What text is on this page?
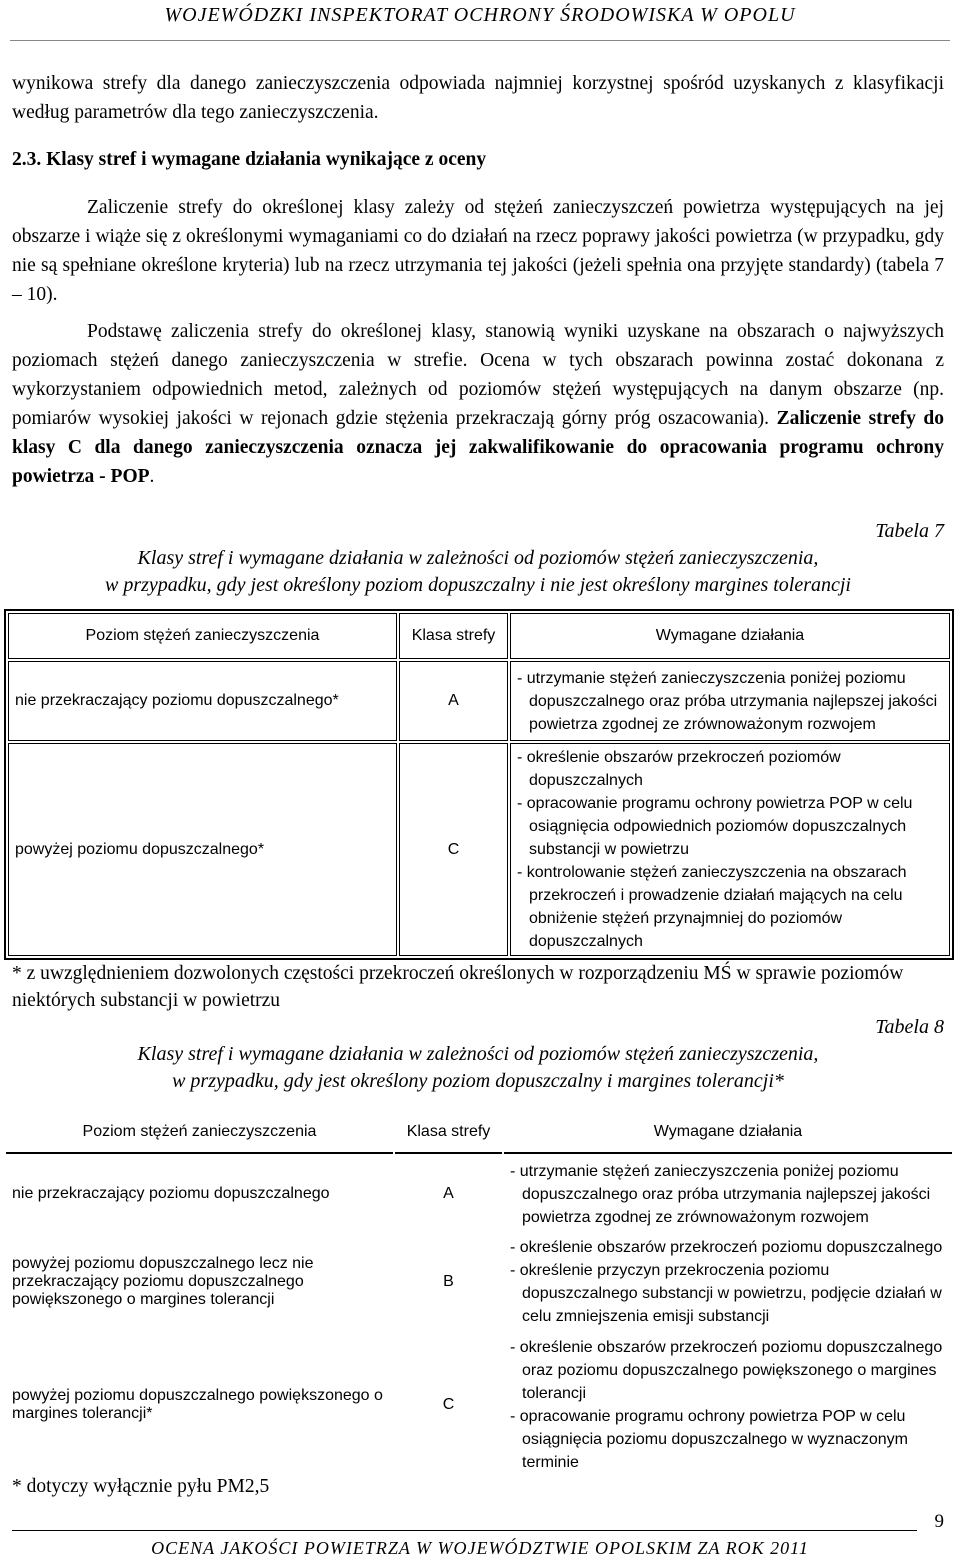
WOJEWÓDZKI INSPEKTORAT OCHRONY ŚRODOWISKA W OPOLU
wynikowa strefy dla danego zanieczyszczenia odpowiada najmniej korzystnej spośród uzyskanych z klasyfikacji według parametrów dla tego zanieczyszczenia.
2.3. Klasy stref i wymagane działania wynikające z oceny
Zaliczenie strefy do określonej klasy zależy od stężeń zanieczyszczeń powietrza występujących na jej obszarze i wiąże się z określonymi wymaganiami co do działań na rzecz poprawy jakości powietrza (w przypadku, gdy nie są spełniane określone kryteria) lub na rzecz utrzymania tej jakości (jeżeli spełnia ona przyjęte standardy) (tabela 7 – 10).
Podstawę zaliczenia strefy do określonej klasy, stanowią wyniki uzyskane na obszarach o najwyższych poziomach stężeń danego zanieczyszczenia w strefie. Ocena w tych obszarach powinna zostać dokonana z wykorzystaniem odpowiednich metod, zależnych od poziomów stężeń występujących na danym obszarze (np. pomiarów wysokiej jakości w rejonach gdzie stężenia przekraczają górny próg oszacowania). Zaliczenie strefy do klasy C dla danego zanieczyszczenia oznacza jej zakwalifikowanie do opracowania programu ochrony powietrza - POP.
Tabela 7
Klasy stref i wymagane działania w zależności od poziomów stężeń zanieczyszczenia,
w przypadku, gdy jest określony poziom dopuszczalny i nie jest określony margines tolerancji
Poziom stężeń zanieczyszczenia	Klasa strefy	Wymagane działania
nie przekraczający poziomu dopuszczalnego*	A	- utrzymanie stężeń zanieczyszczenia poniżej poziomu dopuszczalnego oraz próba utrzymania najlepszej jakości powietrza zgodnej ze zrównoważonym rozwojem

powyżej poziomu dopuszczalnego*	C	- określenie obszarów przekroczeń poziomów dopuszczalnych
- opracowanie programu ochrony powietrza POP w celu osiągnięcia odpowiednich poziomów dopuszczalnych substancji w powietrzu
- kontrolowanie stężeń zanieczyszczenia na obszarach przekroczeń i prowadzenie działań mających na celu obniżenie stężeń przynajmniej do poziomów dopuszczalnych
* z uwzględnieniem dozwolonych częstości przekroczeń określonych w rozporządzeniu MŚ w sprawie poziomów niektórych substancji w powietrzu
Tabela 8
Klasy stref i wymagane działania w zależności od poziomów stężeń zanieczyszczenia,
w przypadku, gdy jest określony poziom dopuszczalny i margines tolerancji*
Poziom stężeń zanieczyszczenia	Klasa strefy	Wymagane działania
nie przekraczający poziomu dopuszczalnego	A	- utrzymanie stężeń zanieczyszczenia poniżej poziomu dopuszczalnego oraz próba utrzymania najlepszej jakości powietrza zgodnej ze zrównoważonym rozwojem

powyżej poziomu dopuszczalnego lecz nie przekraczający poziomu dopuszczalnego powiększonego o margines tolerancji	B	- określenie obszarów przekroczeń poziomu dopuszczalnego
- określenie przyczyn przekroczenia poziomu dopuszczalnego substancji w powietrzu, podjęcie działań w celu zmniejszenia emisji substancji

powyżej poziomu dopuszczalnego powiększonego o margines tolerancji*	C	- określenie obszarów przekroczeń poziomu dopuszczalnego oraz poziomu dopuszczalnego powiększonego o margines tolerancji
- opracowanie programu ochrony powietrza POP w celu osiągnięcia poziomu dopuszczalnego w wyznaczonym terminie
* dotyczy wyłącznie pyłu PM2,5
9
OCENA JAKOŚCI POWIETRZA W WOJEWÓDZTWIE OPOLSKIM ZA ROK 2011
